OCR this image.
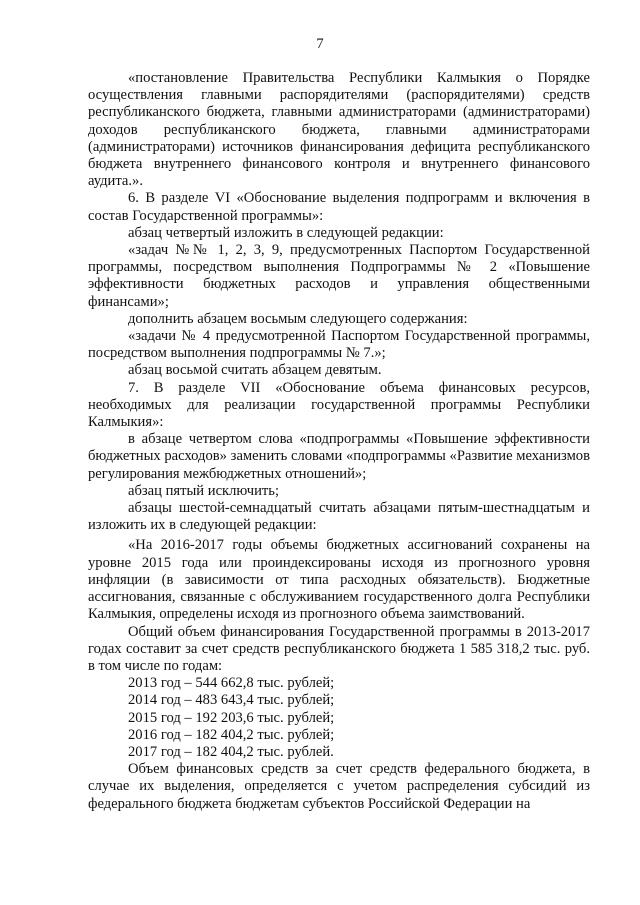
7

«постановление Правительства Республики Калмыкия о Порядке осуществления главными распорядителями (распорядителями) средств республиканского бюджета, главными администраторами (администраторами) доходов республиканского бюджета, главными администраторами (администраторами) источников финансирования дефицита республиканского бюджета внутреннего финансового контроля и внутреннего финансового аудита.».

6. В разделе VI «Обоснование выделения подпрограмм и включения в состав Государственной программы»:

абзац четвертый изложить в следующей редакции:

«задач №№ 1, 2, 3, 9, предусмотренных Паспортом Государственной программы, посредством выполнения Подпрограммы № 2 «Повышение эффективности бюджетных расходов и управления общественными финансами»;

дополнить абзацем восьмым следующего содержания:

«задачи № 4 предусмотренной Паспортом Государственной программы, посредством выполнения подпрограммы № 7.»;

абзац восьмой считать абзацем девятым.

7. В разделе VII «Обоснование объема финансовых ресурсов, необходимых для реализации государственной программы Республики Калмыкия»:

в абзаце четвертом слова «подпрограммы «Повышение эффективности бюджетных расходов» заменить словами «подпрограммы «Развитие механизмов регулирования межбюджетных отношений»;

абзац пятый исключить;

абзацы шестой-семнадцатый считать абзацами пятым-шестнадцатым и изложить их в следующей редакции:

«На 2016-2017 годы объемы бюджетных ассигнований сохранены на уровне 2015 года или проиндексированы исходя из прогнозного уровня инфляции (в зависимости от типа расходных обязательств). Бюджетные ассигнования, связанные с обслуживанием государственного долга Республики Калмыкия, определены исходя из прогнозного объема заимствований.

Общий объем финансирования Государственной программы в 2013-2017 годах составит за счет средств республиканского бюджета 1 585 318,2 тыс. руб. в том числе по годам:

2013 год – 544 662,8 тыс. рублей;

2014 год – 483 643,4 тыс. рублей;

2015 год – 192 203,6 тыс. рублей;

2016 год – 182 404,2 тыс. рублей;

2017 год – 182 404,2 тыс. рублей.

Объем финансовых средств за счет средств федерального бюджета, в случае их выделения, определяется с учетом распределения субсидий из федерального бюджета бюджетам субъектов Российской Федерации на
